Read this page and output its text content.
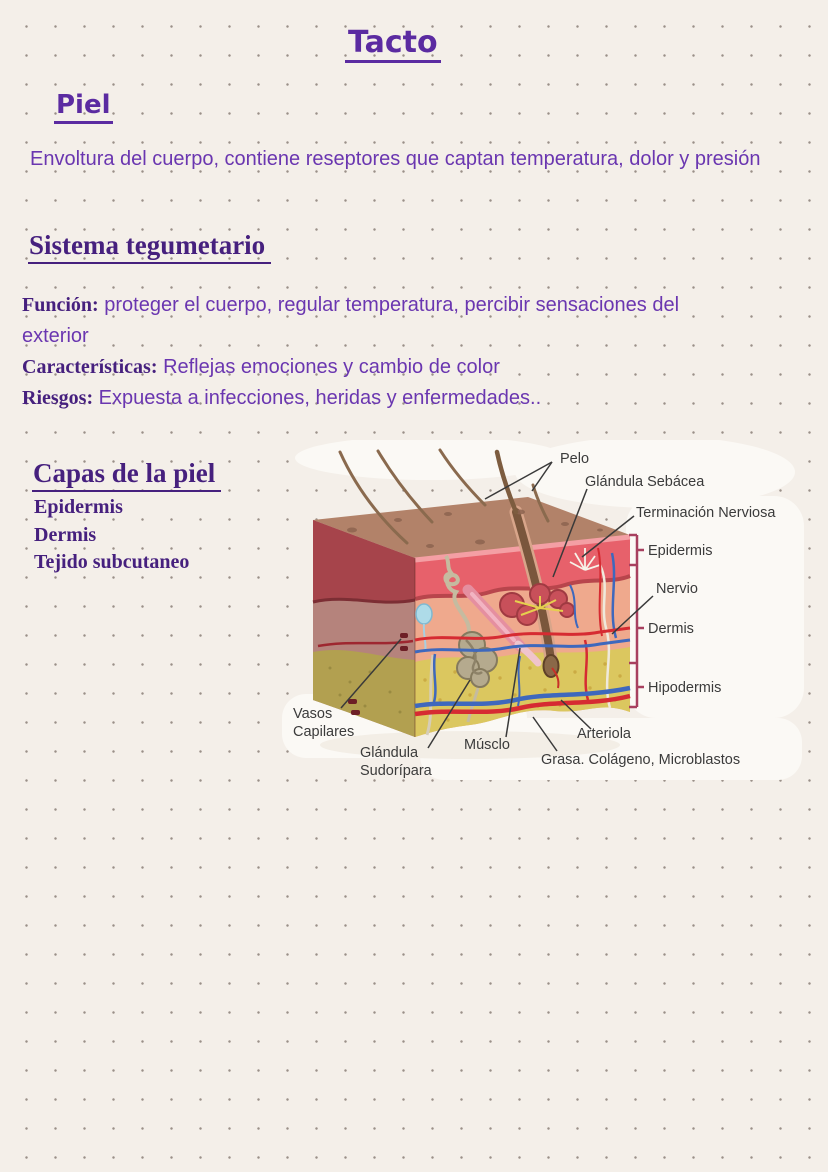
Tacto
Piel
Envoltura del cuerpo, contiene reseptores que captan temperatura, dolor y presión
Sistema tegumetario
Función: proteger el cuerpo, regular temperatura, percibir sensaciones del exterior
Características: Reflejas emociones y cambio de color
Riesgos: Expuesta a infecciones, heridas y enfermedades..
Capas de la piel
Epidermis
Dermis
Tejido subcutaneo
Pelo
Glándula Sebácea
Terminación Nerviosa
Epidermis
Nervio
Dermis
Hipodermis
Vasos
Capilares
Glándula
Sudorípara
Músclo
Arteriola
Grasa. Colágeno, Microblastos
